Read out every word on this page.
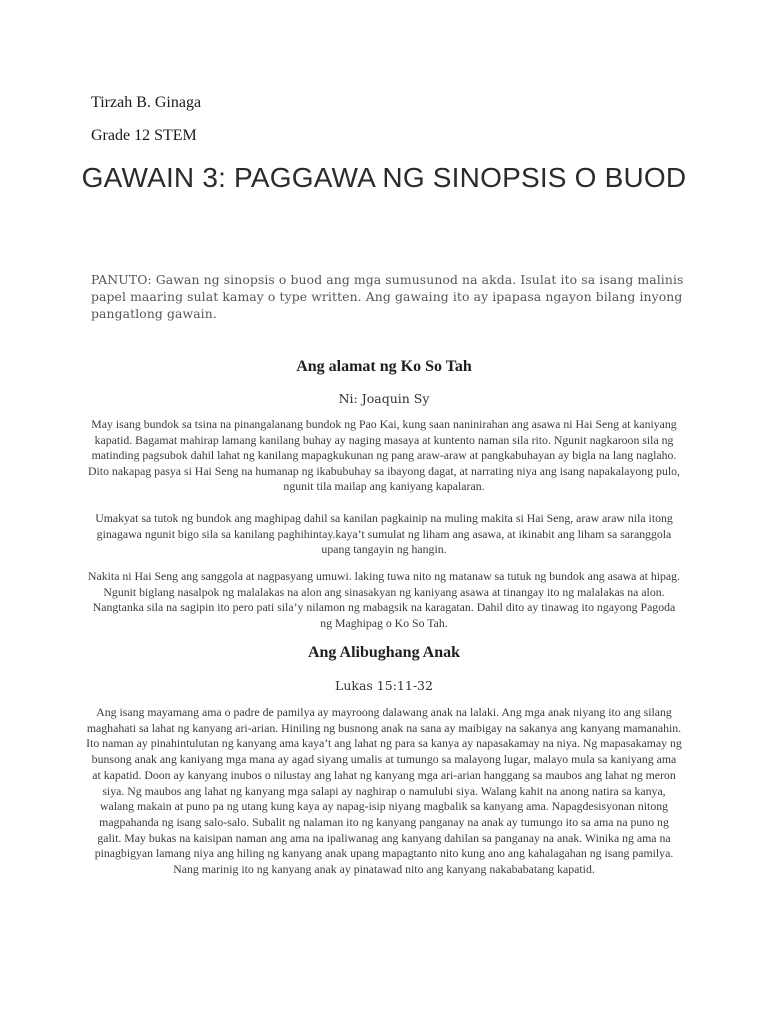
Tirzah B. Ginaga

Grade 12 STEM

GAWAIN 3: PAGGAWA NG SINOPSIS O BUOD

PANUTO: Gawan ng sinopsis o buod ang mga sumusunod na akda. Isulat ito sa isang malinis papel maaring sulat kamay o type written. Ang gawaing ito ay ipapasa ngayon bilang inyong pangatlong gawain.

Ang alamat ng Ko So Tah

Ni: Joaquin Sy

May isang bundok sa tsina na pinangalanang bundok ng Pao Kai, kung saan naninirahan ang asawa ni Hai Seng at kaniyang kapatid. Bagamat mahirap lamang kanilang buhay ay naging masaya at kuntento naman sila rito. Ngunit nagkaroon sila ng matinding pagsubok dahil lahat ng kanilang mapagkukunan ng pang araw-araw at pangkabuhayan ay bigla na lang naglaho. Dito nakapag pasya si Hai Seng na humanap ng ikabubuhay sa ibayong dagat, at narrating niya ang isang napakalayong pulo, ngunit tila mailap ang kaniyang kapalaran.

Umakyat sa tutok ng bundok ang maghipag dahil sa kanilan pagkainip na muling makita si Hai Seng, araw araw nila itong ginagawa ngunit bigo sila sa kanilang paghihintay.kaya’t sumulat ng liham ang asawa, at ikinabit ang liham sa saranggola upang tangayin ng hangin.

Nakita ni Hai Seng ang sanggola at nagpasyang umuwi. laking tuwa nito ng matanaw sa tutuk ng bundok ang asawa at hipag. Ngunit biglang nasalpok ng malalakas na alon ang sinasakyan ng kaniyang asawa at tinangay ito ng malalakas na alon. Nangtanka sila na sagipin ito pero pati sila’y nilamon ng mabagsik na karagatan. Dahil dito ay tinawag ito ngayong Pagoda ng Maghipag o Ko So Tah.

Ang Alibughang Anak

Lukas 15:11-32

Ang isang mayamang ama o padre de pamilya ay mayroong dalawang anak na lalaki. Ang mga anak niyang ito ang silang maghahati sa lahat ng kanyang ari-arian. Hiniling ng busnong anak na sana ay maibigay na sakanya ang kanyang mamanahin. Ito naman ay pinahintulutan ng kanyang ama kaya’t ang lahat ng para sa kanya ay napasakamay na niya. Ng mapasakamay ng bunsong anak ang kaniyang mga mana ay agad siyang umalis at tumungo sa malayong lugar, malayo mula sa kaniyang ama at kapatid. Doon ay kanyang inubos o nilustay ang lahat ng kanyang mga ari-arian hanggang sa maubos ang lahat ng meron siya. Ng maubos ang lahat ng kanyang mga salapi ay naghirap o namulubi siya. Walang kahit na anong natira sa kanya, walang makain at puno pa ng utang kung kaya ay napag-isip niyang magbalik sa kanyang ama. Napagdesisyonan nitong magpahanda ng isang salo-salo. Subalit ng nalaman ito ng kanyang panganay na anak ay tumungo ito sa ama na puno ng galit. May bukas na kaisipan naman ang ama na ipaliwanag ang kanyang dahilan sa panganay na anak. Winika ng ama na pinagbigyan lamang niya ang hiling ng kanyang anak upang mapagtanto nito kung ano ang kahalagahan ng isang pamilya. Nang marinig ito ng kanyang anak ay pinatawad nito ang kanyang nakababatang kapatid.
